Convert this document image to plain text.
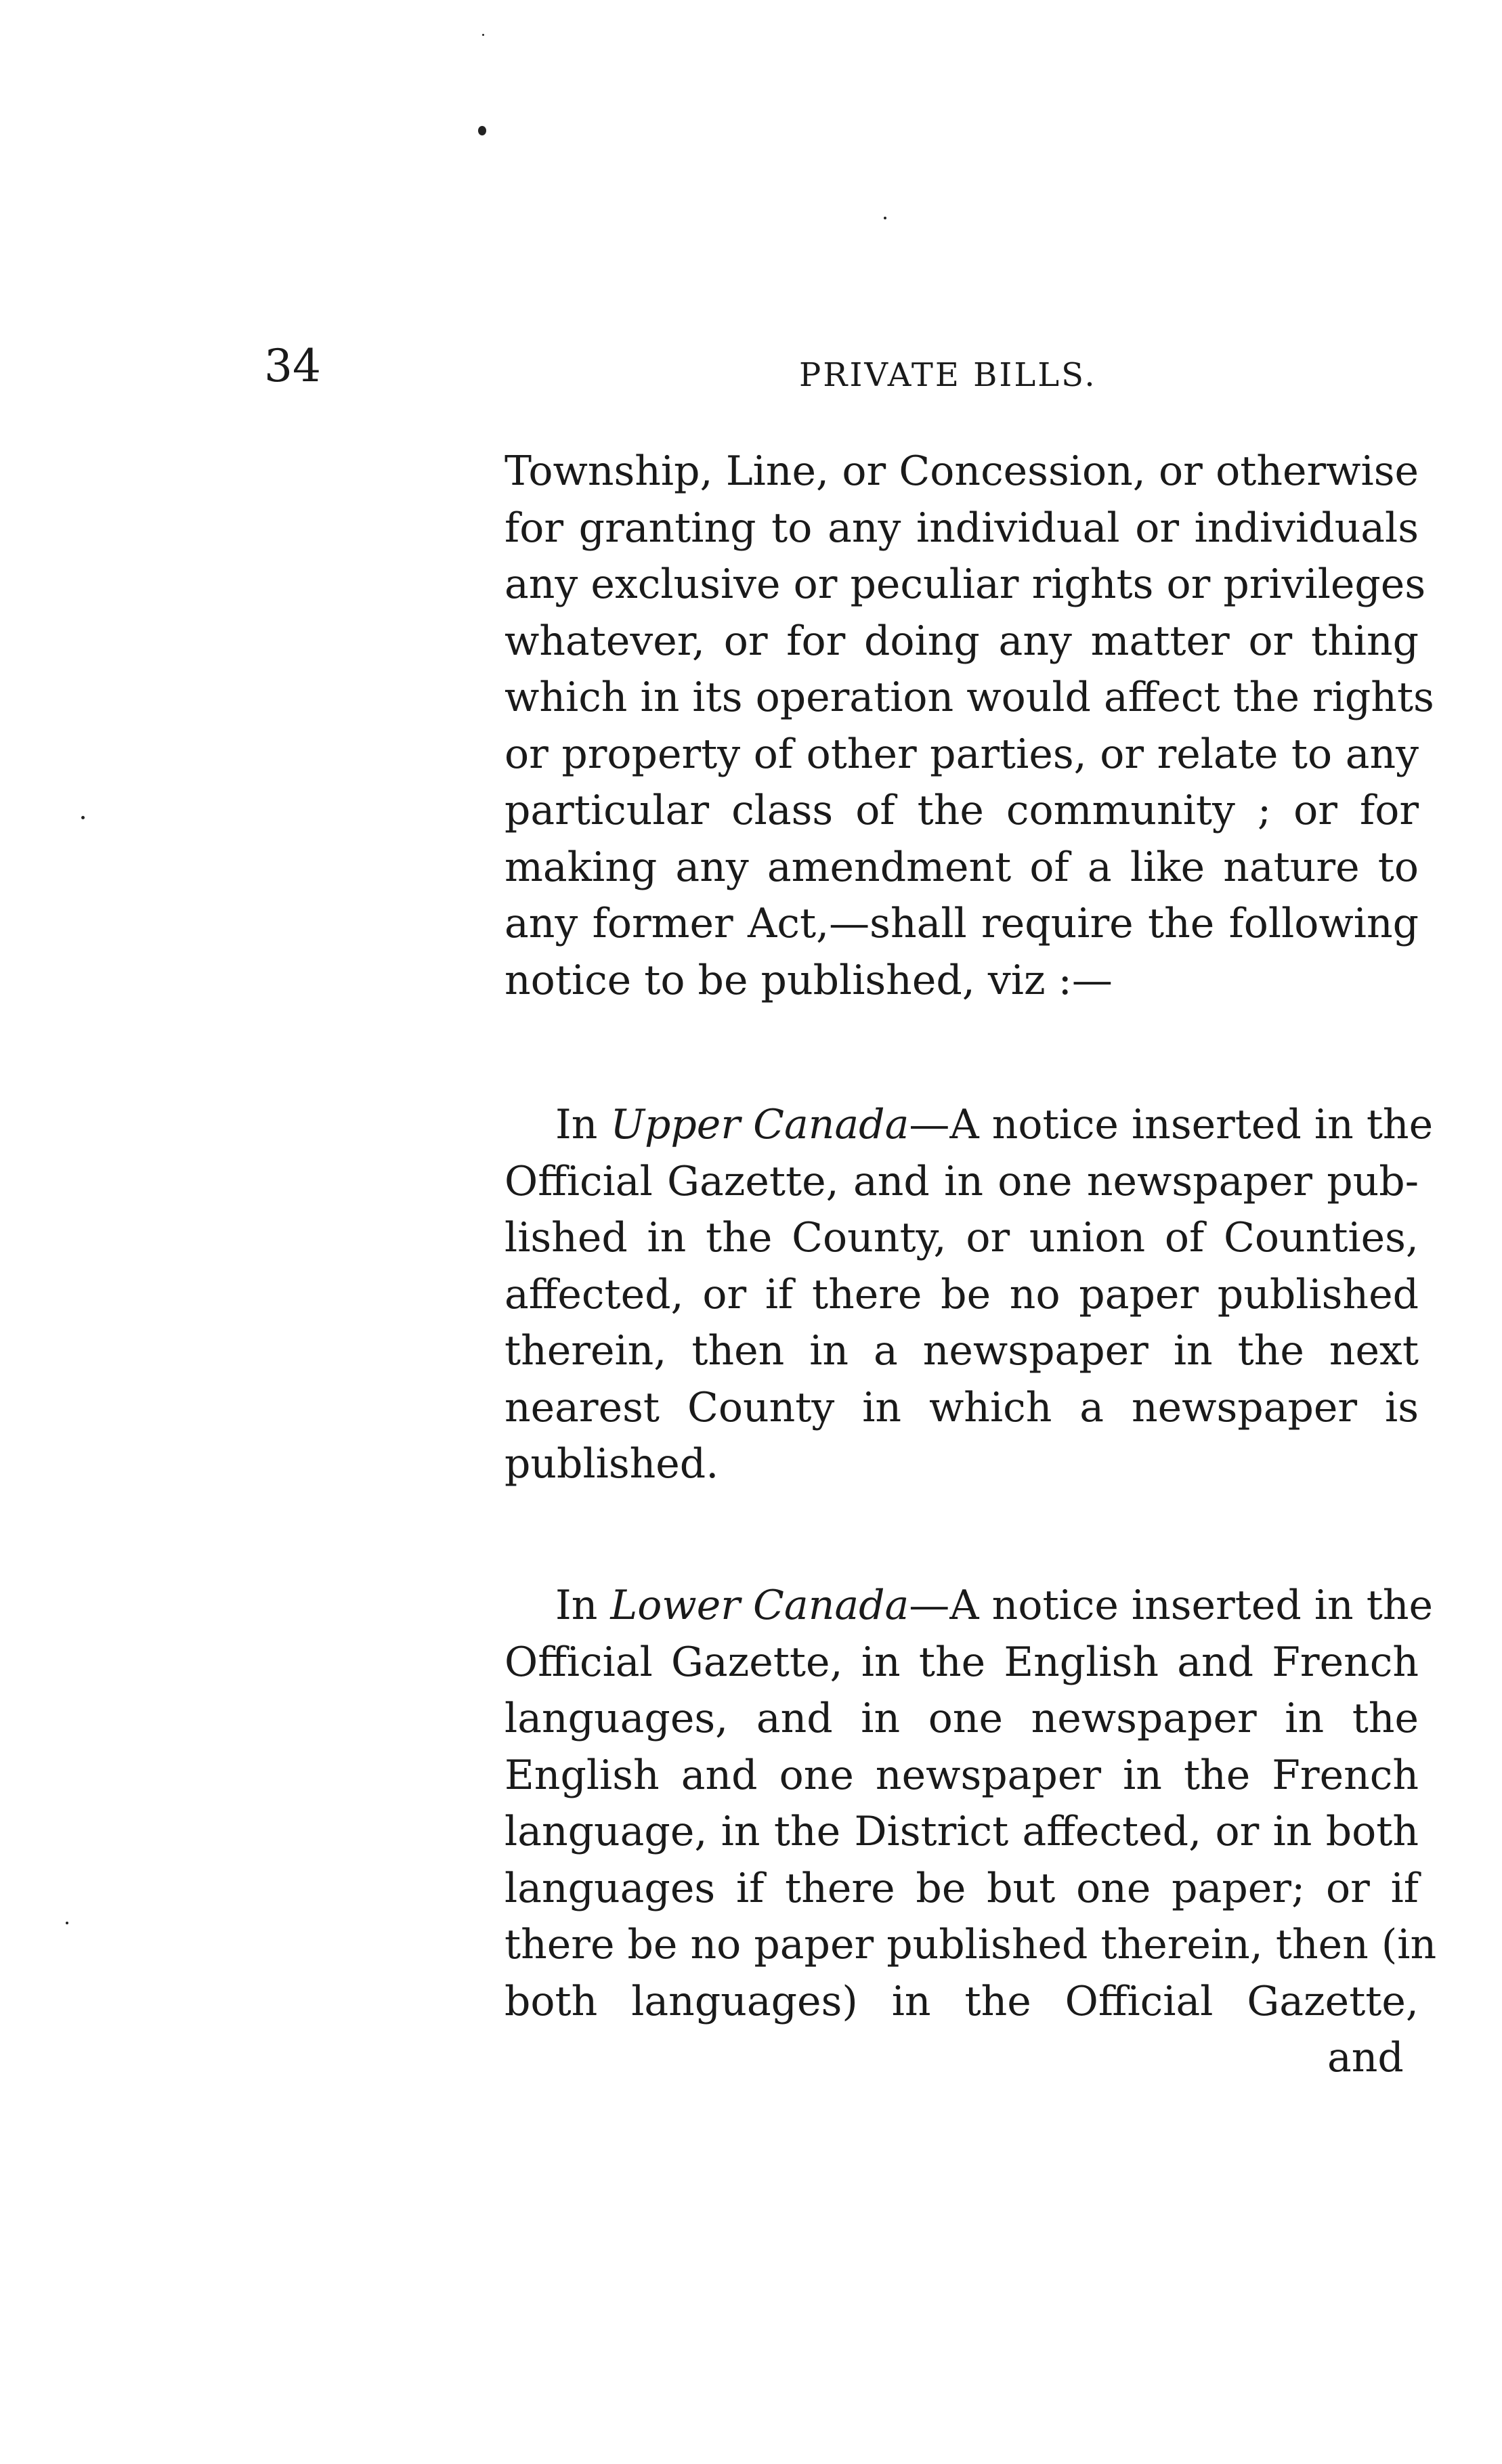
34	PRIVATE BILLS.
Township, Line, or Concession, or otherwise
for granting to any individual or individuals
any exclusive or peculiar rights or privileges
whatever, or for doing any matter or thing
which in its operation would affect the rights
or property of other parties, or relate to any
particular class of the community ; or for
making any amendment of a like nature to
any former Act,—shall require the following
notice to be published, viz :—
In Upper Canada—A notice inserted in the
Official Gazette, and in one newspaper pub-
lished in the County, or union of Counties,
affected, or if there be no paper published
therein, then in a newspaper in the next
nearest County in which a newspaper is
published.
In Lower Canada—A notice inserted in the
Official Gazette, in the English and French
languages, and in one newspaper in the
English and one newspaper in the French
language, in the District affected, or in both
languages if there be but one paper; or if
there be no paper published therein, then (in
both languages) in the Official Gazette,
and
